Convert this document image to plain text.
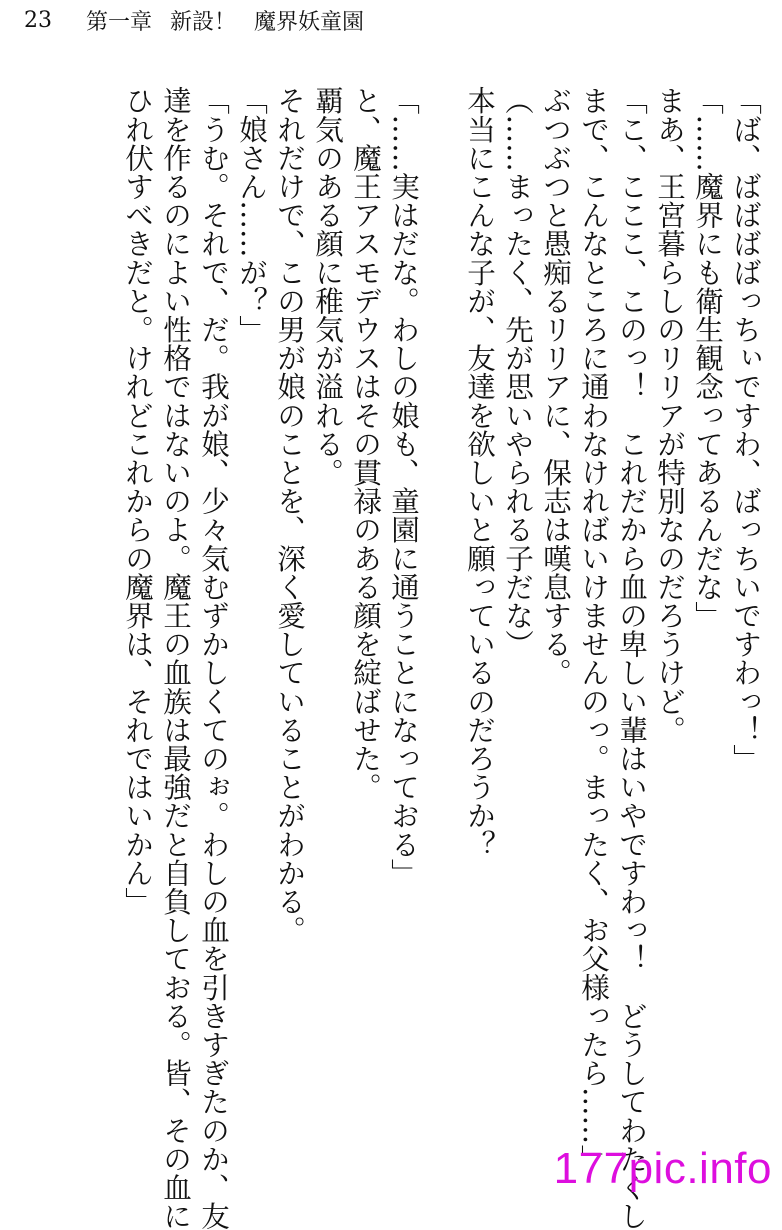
23 第一章 新設！ 魔界妖童園
「ば、ばばばばっちぃですわ、ばっちいですわっ！」
「……魔界にも衛生観念ってあるんだな」
まあ、王宮暮らしのリリアが特別なのだろうけど。
「こ、こここ、このっ！　これだから血の卑しい輩はいやですわっ！　どうしてわたくし
まで、こんなところに通わなければいけませんのっ。まったく、お父様ったら……」
ぶつぶつと愚痴るリリアに、保志は嘆息する。
（……まったく、先が思いやられる子だな）
本当にこんな子が、友達を欲しいと願っているのだろうか？
「……実はだな。わしの娘も、童園に通うことになっておる」
と、魔王アスモデウスはその貫禄のある顔を綻ばせた。
覇気のある顔に稚気が溢れる。
それだけで、この男が娘のことを、深く愛していることがわかる。
「娘さん……が？」
「うむ。それで、だ。我が娘、少々気むずかしくてのぉ。わしの血を引きすぎたのか、友
達を作るのによい性格ではないのよ。魔王の血族は最強だと自負しておる。皆、その血に
ひれ伏すべきだと。けれどこれからの魔界は、それではいかん」
177pic.info
